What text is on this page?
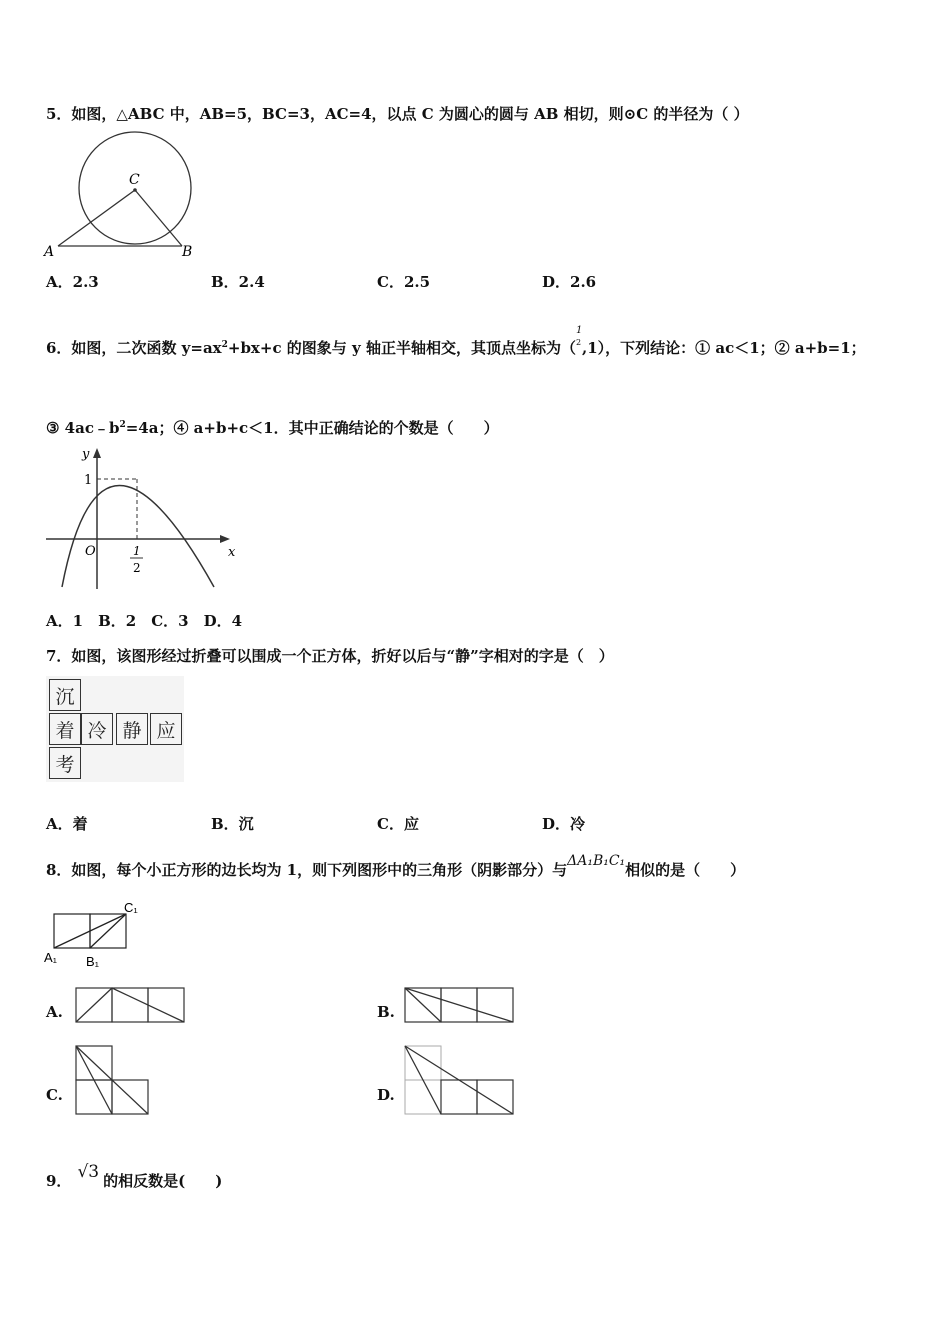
5．如图，△ABC 中，AB=5，BC=3，AC=4，以点 C 为圆心的圆与 AB 相切，则⊙C 的半径为（ ）
A	B
C
A．2.3	B．2.4	C．2.5	D．2.6
6．如图，二次函数 $y=ax^2+bx+c$ 的图象与 y 轴正半轴相交，其顶点坐标为（
1
2 ,1），下列结论：① ac＜1；② a+b=1；
③ $4ac﹣b^2=4a$；④ a+b+c＜1．其中正确结论的个数是（　　）
y
x
O
1
1
2
A．1　B．2　C．3　D．4
7．如图，该图形经过折叠可以围成一个正方体，折好以后与“静”字相对的字是（　）
沉
着 冷 静 应
考
A．着	B．沉	C．应	D．冷
8．如图，每个小正方形的边长均为 1，则下列图形中的三角形（阴影部分）与ΔA₁B₁C₁相似的是（　　）
A₁ B₁
C₁
A.	B.
C.	D.
9． √3 的相反数是(　　)
